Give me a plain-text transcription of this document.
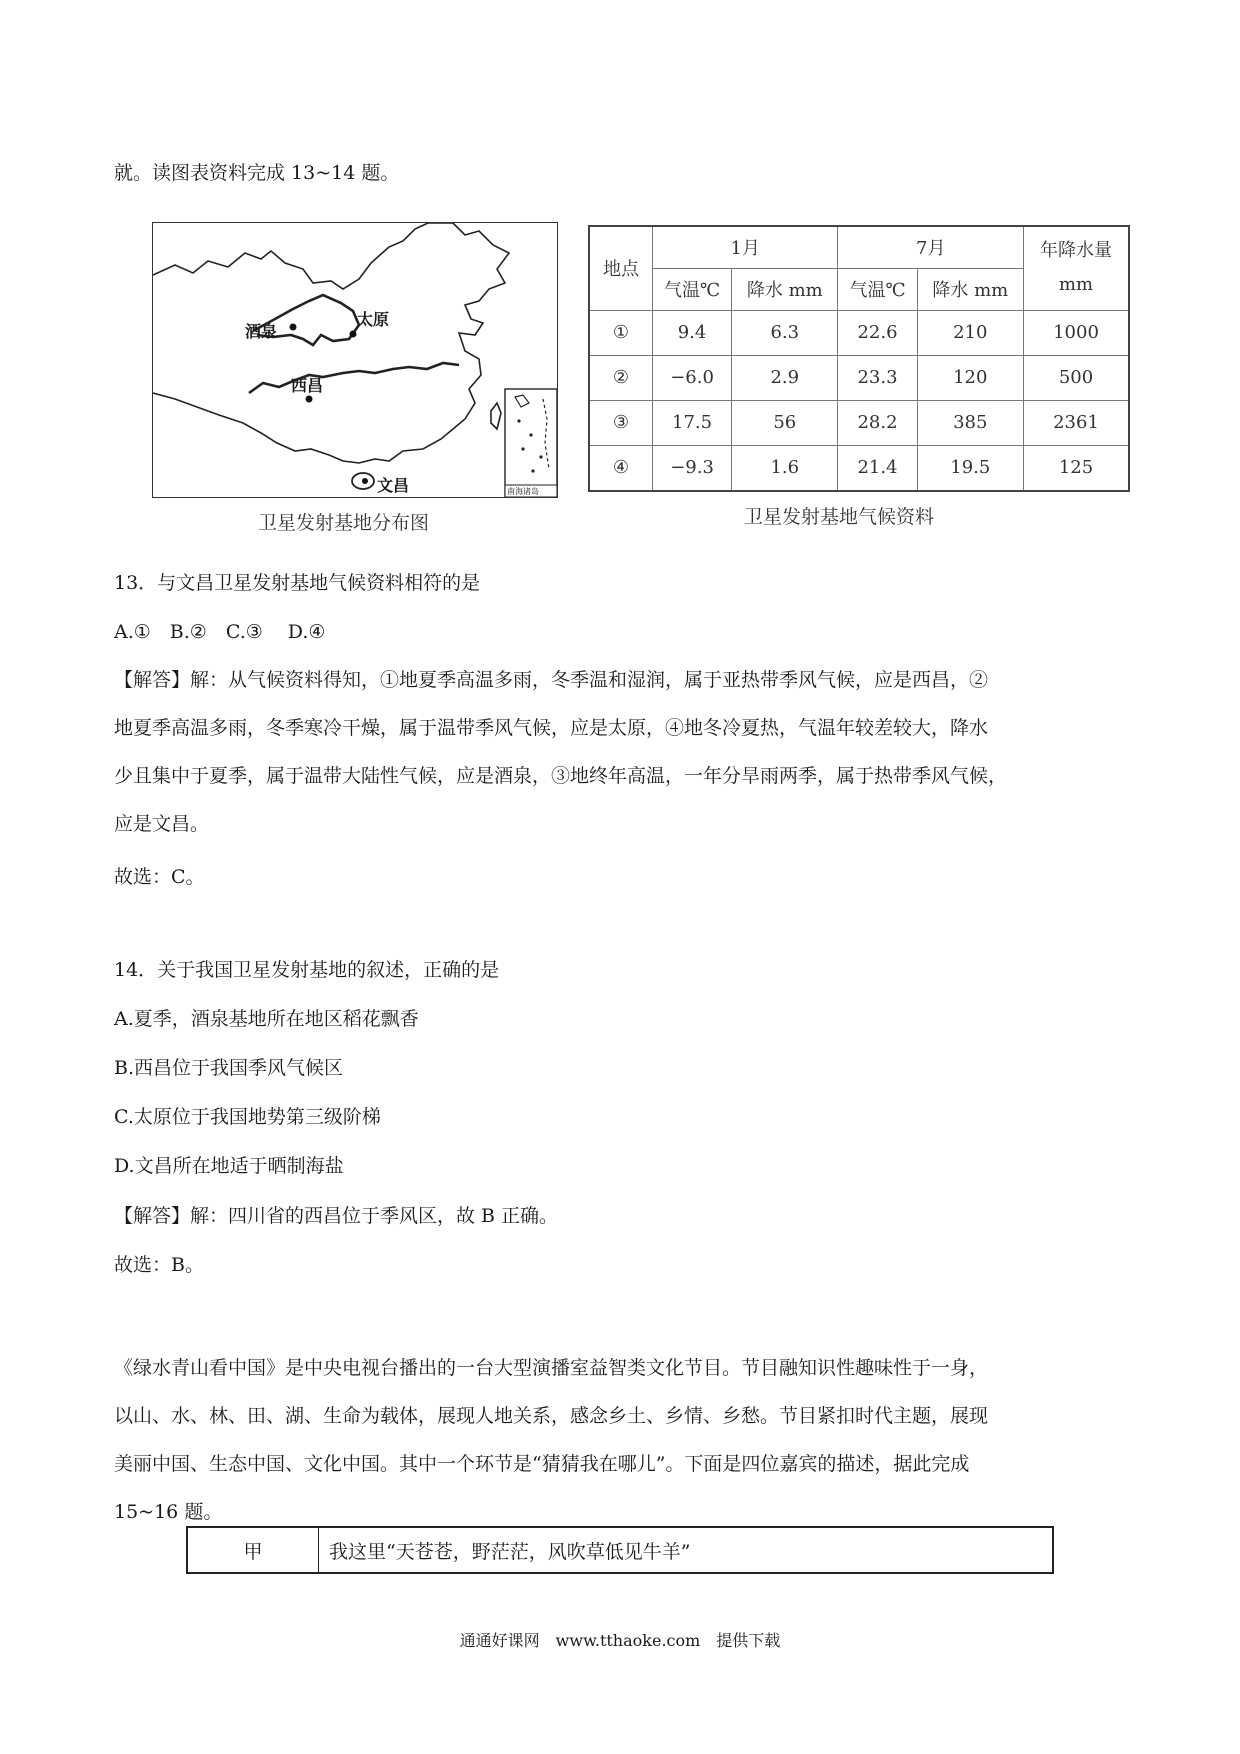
就。读图表资料完成 13~14 题。
酒泉
太原
西昌
文昌	南海诸岛
卫星发射基地分布图
地点	1月		7月		年降水量
mm
	气温℃	降水 mm	气温℃	降水 mm	
①	9.4	6.3	22.6	210	1000
②	−6.0	2.9	23.3	120	500
③	17.5	56	28.2	385	2361
④	−9.3	1.6	21.4	19.5	125
卫星发射基地气候资料
13．与文昌卫星发射基地气候资料相符的是
A.①　B.②　C.③　 D.④
【解答】解：从气候资料得知，①地夏季高温多雨，冬季温和湿润，属于亚热带季风气候，应是西昌，②
地夏季高温多雨，冬季寒冷干燥，属于温带季风气候，应是太原，④地冬冷夏热，气温年较差较大，降水
少且集中于夏季，属于温带大陆性气候，应是酒泉，③地终年高温，一年分旱雨两季，属于热带季风气候，
应是文昌。
故选：C。
14．关于我国卫星发射基地的叙述，正确的是
A.夏季，酒泉基地所在地区稻花飘香
B.西昌位于我国季风气候区
C.太原位于我国地势第三级阶梯
D.文昌所在地适于晒制海盐
【解答】解：四川省的西昌位于季风区，故 B 正确。
故选：B。
《绿水青山看中国》是中央电视台播出的一台大型演播室益智类文化节目。节目融知识性趣味性于一身，
以山、水、林、田、湖、生命为载体，展现人地关系，感念乡土、乡情、乡愁。节目紧扣时代主题，展现
美丽中国、生态中国、文化中国。其中一个环节是“猜猜我在哪儿”。下面是四位嘉宾的描述，据此完成
15~16 题。
甲	我这里“天苍苍，野茫茫，风吹草低见牛羊”
通通好课网　www.tthaoke.com　提供下载
